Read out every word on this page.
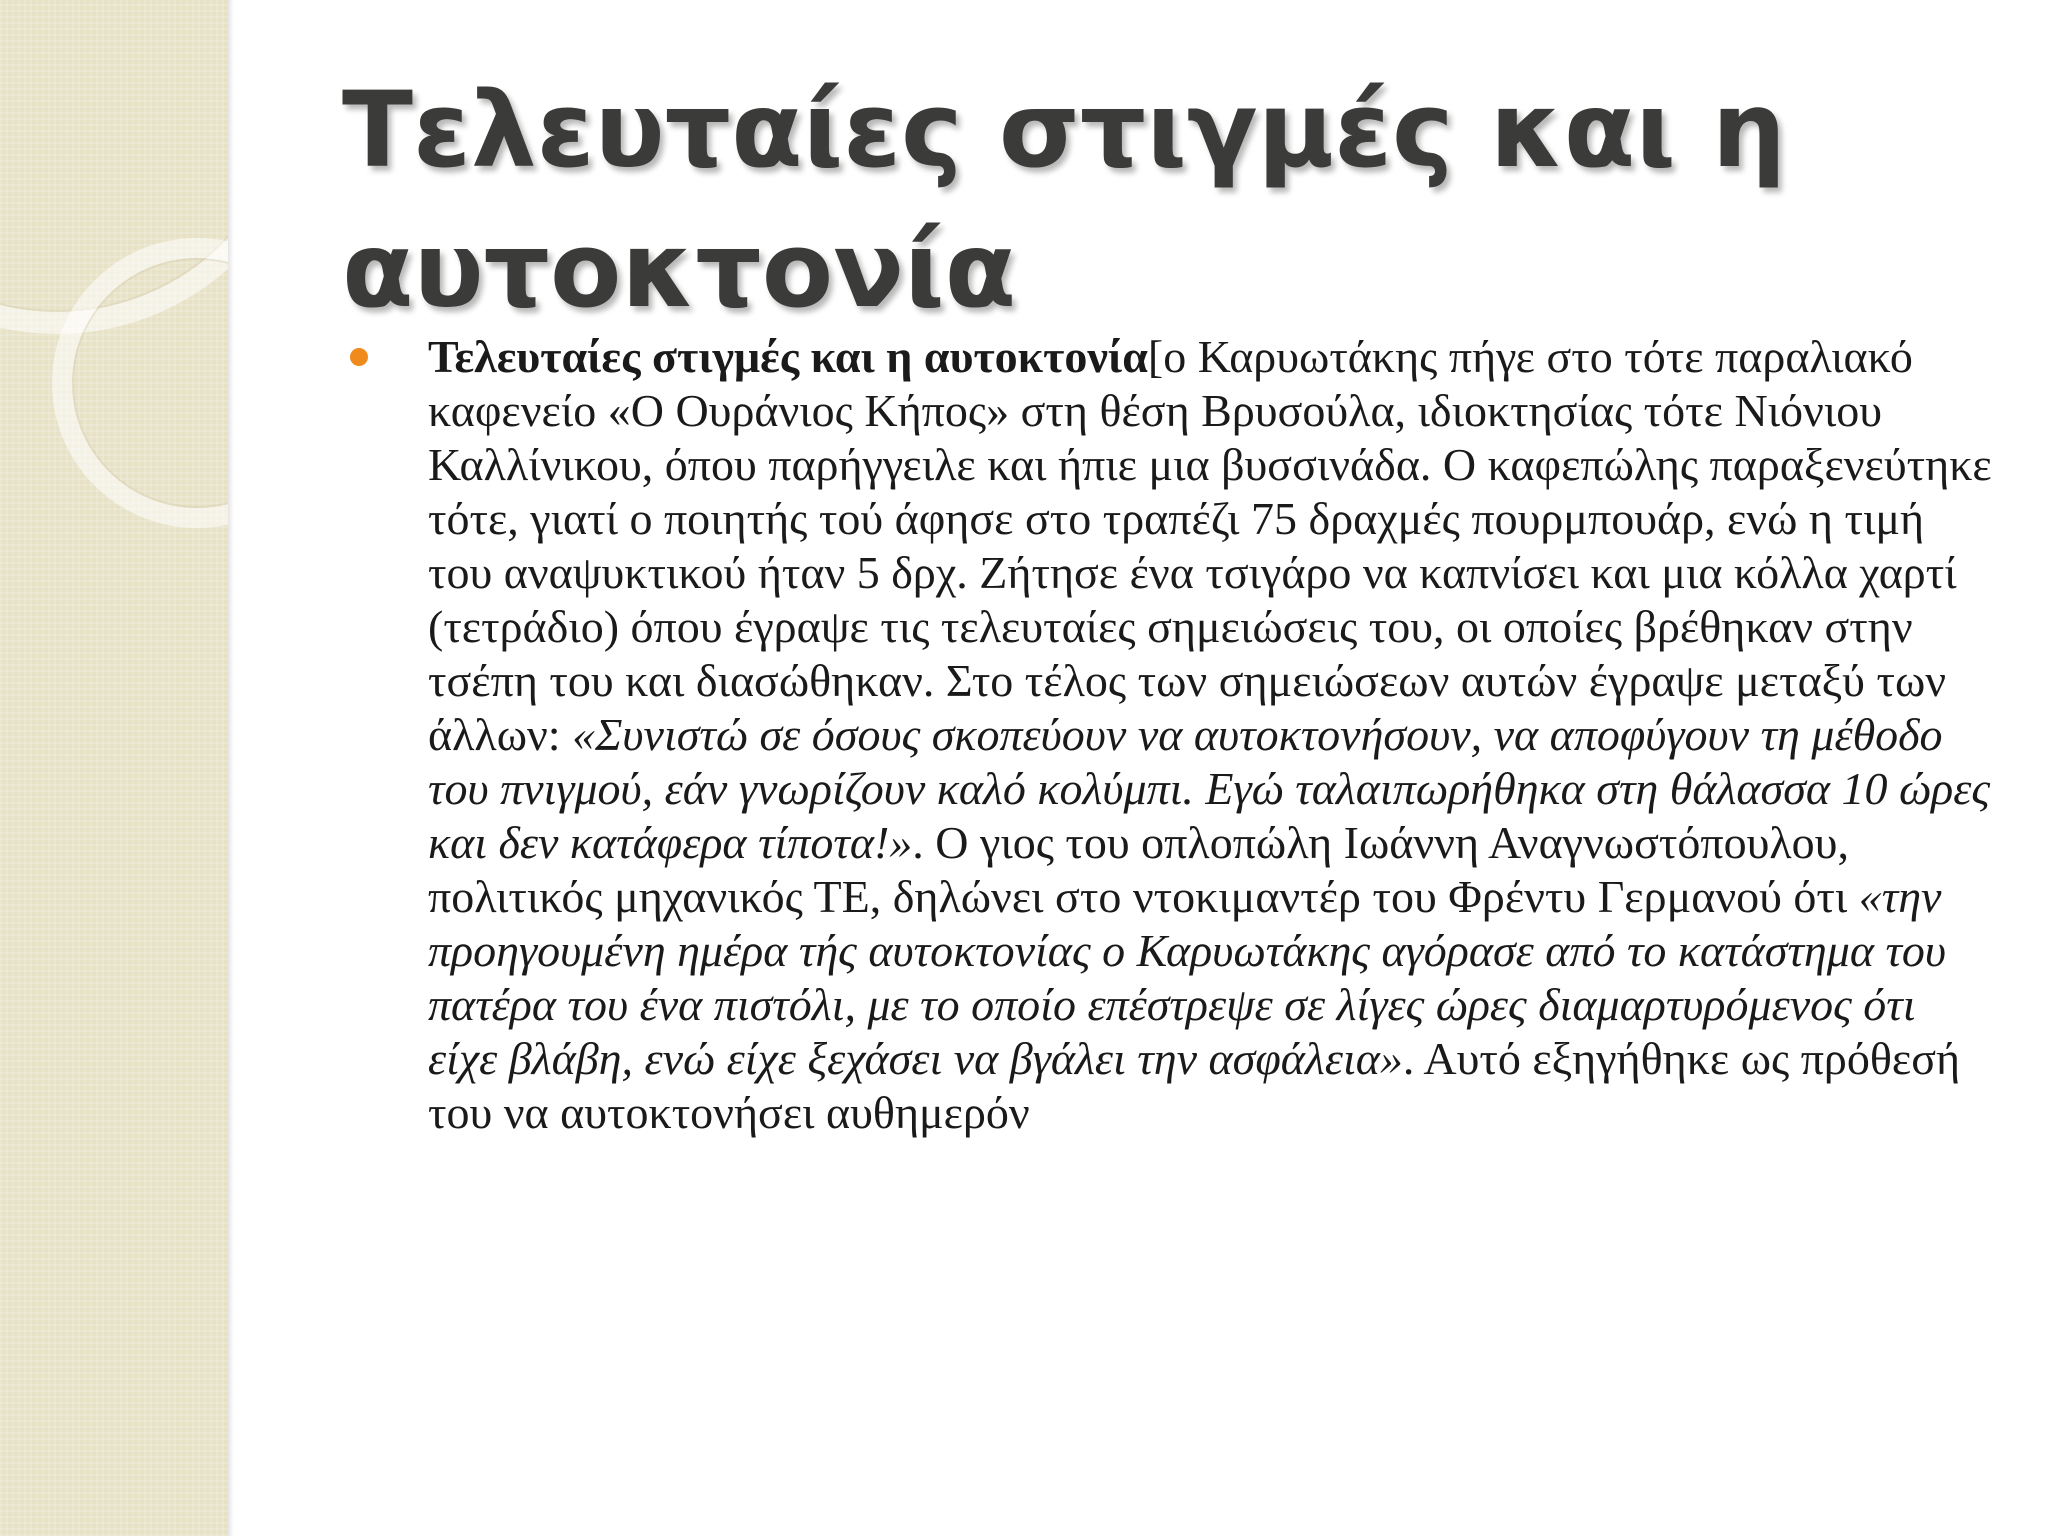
Τελευταίες στιγμές και η αυτοκτονία

Τελευταίες στιγμές και η αυτοκτονία[ο Καρυωτάκης πήγε στο τότε παραλιακό καφενείο «Ο Ουράνιος Κήπος» στη θέση Βρυσούλα, ιδιοκτησίας τότε Νιόνιου Καλλίνικου, όπου παρήγγειλε και ήπιε μια βυσσινάδα. Ο καφεπώλης παραξενεύτηκε τότε, γιατί ο ποιητής τού άφησε στο τραπέζι 75 δραχμές πουρμπουάρ, ενώ η τιμή του αναψυκτικού ήταν 5 δρχ. Ζήτησε ένα τσιγάρο να καπνίσει και μια κόλλα χαρτί (τετράδιο) όπου έγραψε τις τελευταίες σημειώσεις του, οι οποίες βρέθηκαν στην τσέπη του και διασώθηκαν. Στο τέλος των σημειώσεων αυτών έγραψε μεταξύ των άλλων: «Συνιστώ σε όσους σκοπεύουν να αυτοκτονήσουν, να αποφύγουν τη μέθοδο του πνιγμού, εάν γνωρίζουν καλό κολύμπι. Εγώ ταλαιπωρήθηκα στη θάλασσα 10 ώρες και δεν κατάφερα τίποτα!». Ο γιος του οπλοπώλη Ιωάννη Αναγνωστόπουλου, πολιτικός μηχανικός ΤΕ, δηλώνει στο ντοκιμαντέρ του Φρέντυ Γερμανού ότι «την προηγουμένη ημέρα τής αυτοκτονίας ο Καρυωτάκης αγόρασε από το κατάστημα του πατέρα του ένα πιστόλι, με το οποίο επέστρεψε σε λίγες ώρες διαμαρτυρόμενος ότι είχε βλάβη, ενώ είχε ξεχάσει να βγάλει την ασφάλεια». Αυτό εξηγήθηκε ως πρόθεσή του να αυτοκτονήσει αυθημερόν
